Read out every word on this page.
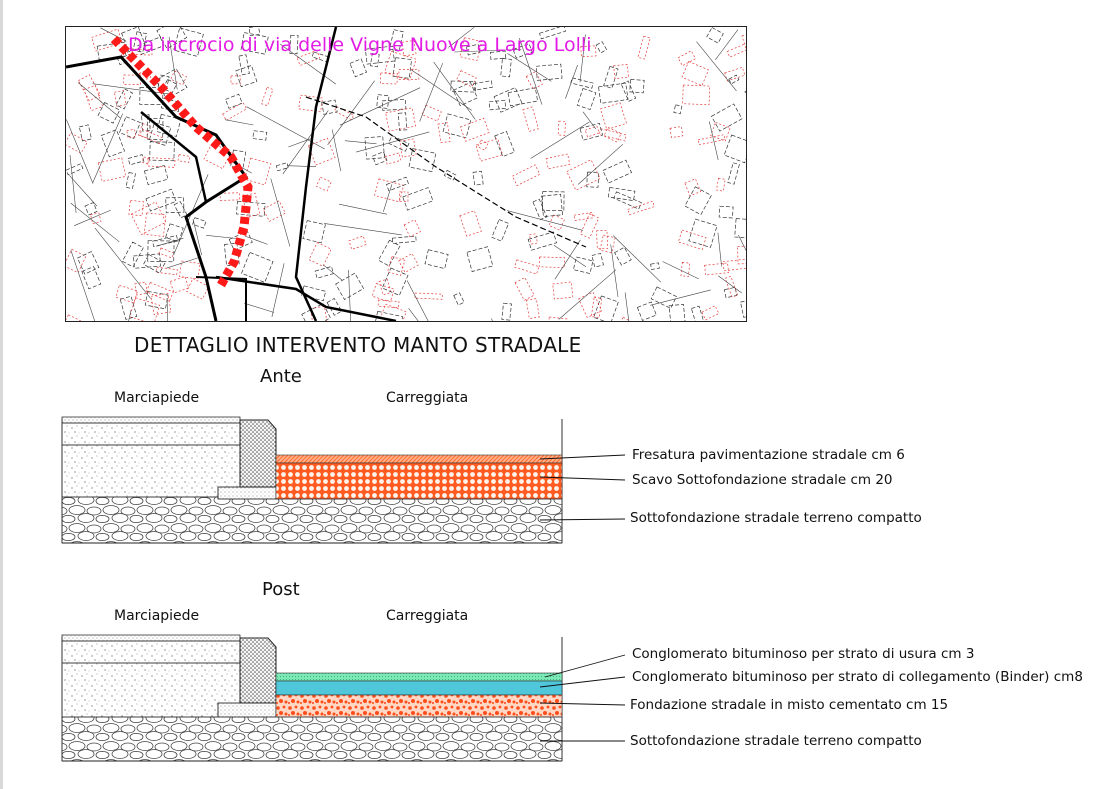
Da incrocio di via delle Vigne Nuove a Largo Lolli
DETTAGLIO INTERVENTO MANTO STRADALE
Ante
Marciapiede	Carreggiata
Fresatura pavimentazione stradale cm 6
Scavo Sottofondazione stradale cm 20
Sottofondazione stradale terreno compatto
Post
Marciapiede	Carreggiata
Conglomerato bituminoso per strato di usura cm 3
Conglomerato bituminoso per strato di collegamento (Binder) cm8
Fondazione stradale in misto cementato cm 15
Sottofondazione stradale terreno compatto
